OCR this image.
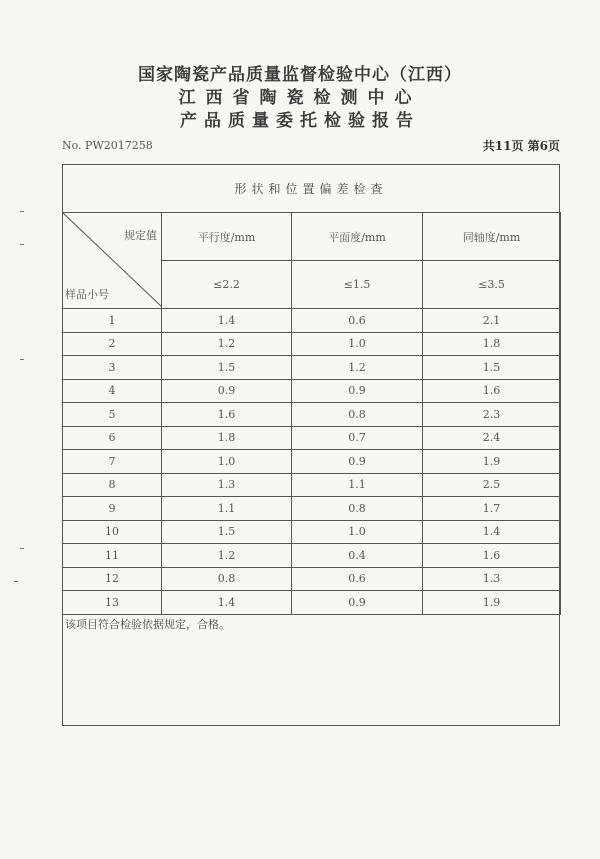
国家陶瓷产品质量监督检验中心（江西）
江西省陶瓷检测中心
产品质量委托检验报告
No. PW2017258	共11页 第6页
形状和位置偏差检查
规定值
样品小号	平行度/mm	平面度/mm	同轴度/mm
	≤2.2	≤1.5	≤3.5
1	1.4	0.6	2.1
2	1.2	1.0	1.8
3	1.5	1.2	1.5
4	0.9	0.9	1.6
5	1.6	0.8	2.3
6	1.8	0.7	2.4
7	1.0	0.9	1.9
8	1.3	1.1	2.5
9	1.1	0.8	1.7
10	1.5	1.0	1.4
11	1.2	0.4	1.6
12	0.8	0.6	1.3
13	1.4	0.9	1.9
该项目符合检验依据规定，合格。
